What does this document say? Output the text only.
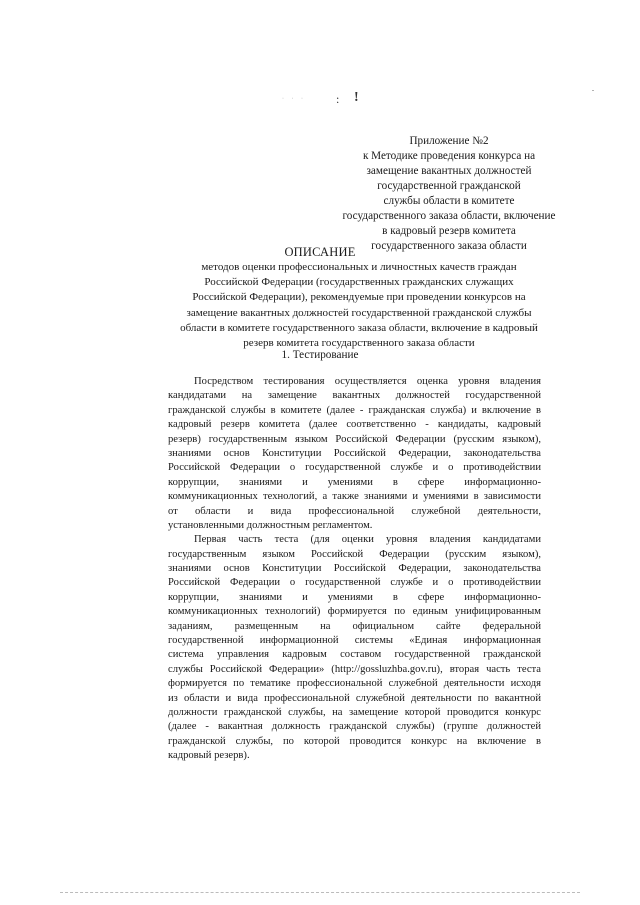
· · ·	: !
.
Приложение №2
к Методике проведения конкурса на
замещение вакантных должностей
государственной гражданской
службы области в комитете
государственного заказа области, включение
в кадровый резерв комитета
государственного заказа области
ОПИСАНИЕ
методов оценки профессиональных и личностных качеств граждан
Российской Федерации (государственных гражданских служащих
Российской Федерации), рекомендуемые при проведении конкурсов на
замещение вакантных должностей государственной гражданской службы
области в комитете государственного заказа области, включение в кадровый
резерв комитета государственного заказа области
1. Тестирование
Посредством тестирования осуществляется оценка уровня владения
кандидатами на замещение вакантных должностей государственной
гражданской службы в комитете (далее - гражданская служба) и включение в
кадровый резерв комитета (далее соответственно - кандидаты, кадровый
резерв) государственным языком Российской Федерации (русским языком),
знаниями основ Конституции Российской Федерации, законодательства
Российской Федерации о государственной службе и о противодействии
коррупции, знаниями и умениями в сфере информационно-
коммуникационных технологий, а также знаниями и умениями в зависимости
от области и вида профессиональной служебной деятельности,
установленными должностным регламентом.
Первая часть теста (для оценки уровня владения кандидатами
государственным языком Российской Федерации (русским языком),
знаниями основ Конституции Российской Федерации, законодательства
Российской Федерации о государственной службе и о противодействии
коррупции, знаниями и умениями в сфере информационно-
коммуникационных технологий) формируется по единым унифицированным
заданиям, размещенным на официальном сайте федеральной
государственной информационной системы «Единая информационная
система управления кадровым составом государственной гражданской
службы Российской Федерации» (http://gossluzhba.gov.ru), вторая часть теста
формируется по тематике профессиональной служебной деятельности исходя
из области и вида профессиональной служебной деятельности по вакантной
должности гражданской службы, на замещение которой проводится конкурс
(далее - вакантная должность гражданской службы) (группе должностей
гражданской службы, по которой проводится конкурс на включение в
кадровый резерв).
